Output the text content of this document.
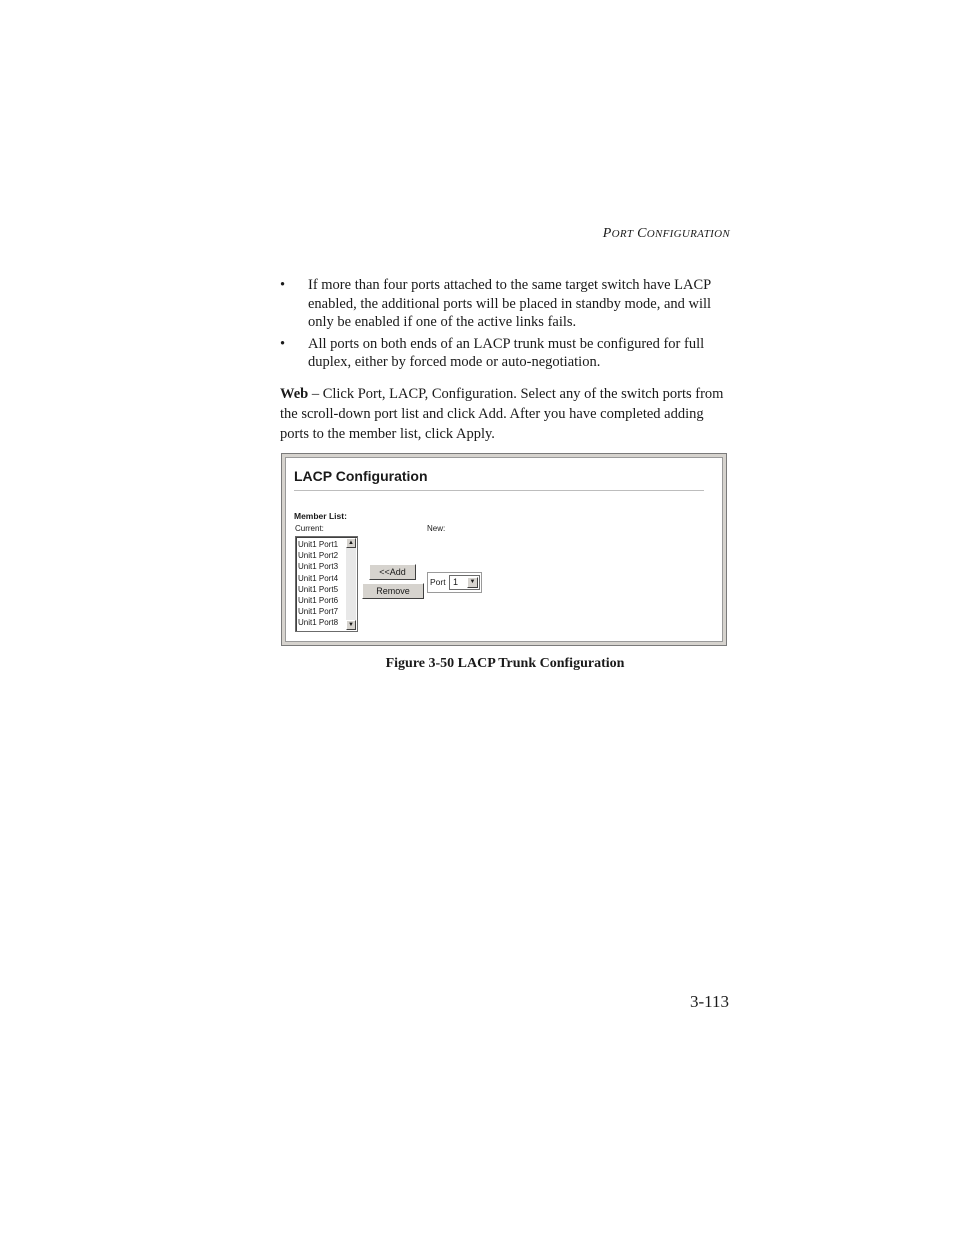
PORT CONFIGURATION
• If more than four ports attached to the same target switch have LACP enabled, the additional ports will be placed in standby mode, and will only be enabled if one of the active links fails.
• All ports on both ends of an LACP trunk must be configured for full duplex, either by forced mode or auto-negotiation.

Web – Click Port, LACP, Configuration. Select any of the switch ports from the scroll-down port list and click Add. After you have completed adding ports to the member list, click Apply.

LACP Configuration
Member List:
Current:	New:
Unit1 Port1
Unit1 Port2
Unit1 Port3
Unit1 Port4
Unit1 Port5
Unit1 Port6
Unit1 Port7
Unit1 Port8
▲
▼
<<Add
Remove
Port 1	▼
Figure 3-50 LACP Trunk Configuration
3-113
